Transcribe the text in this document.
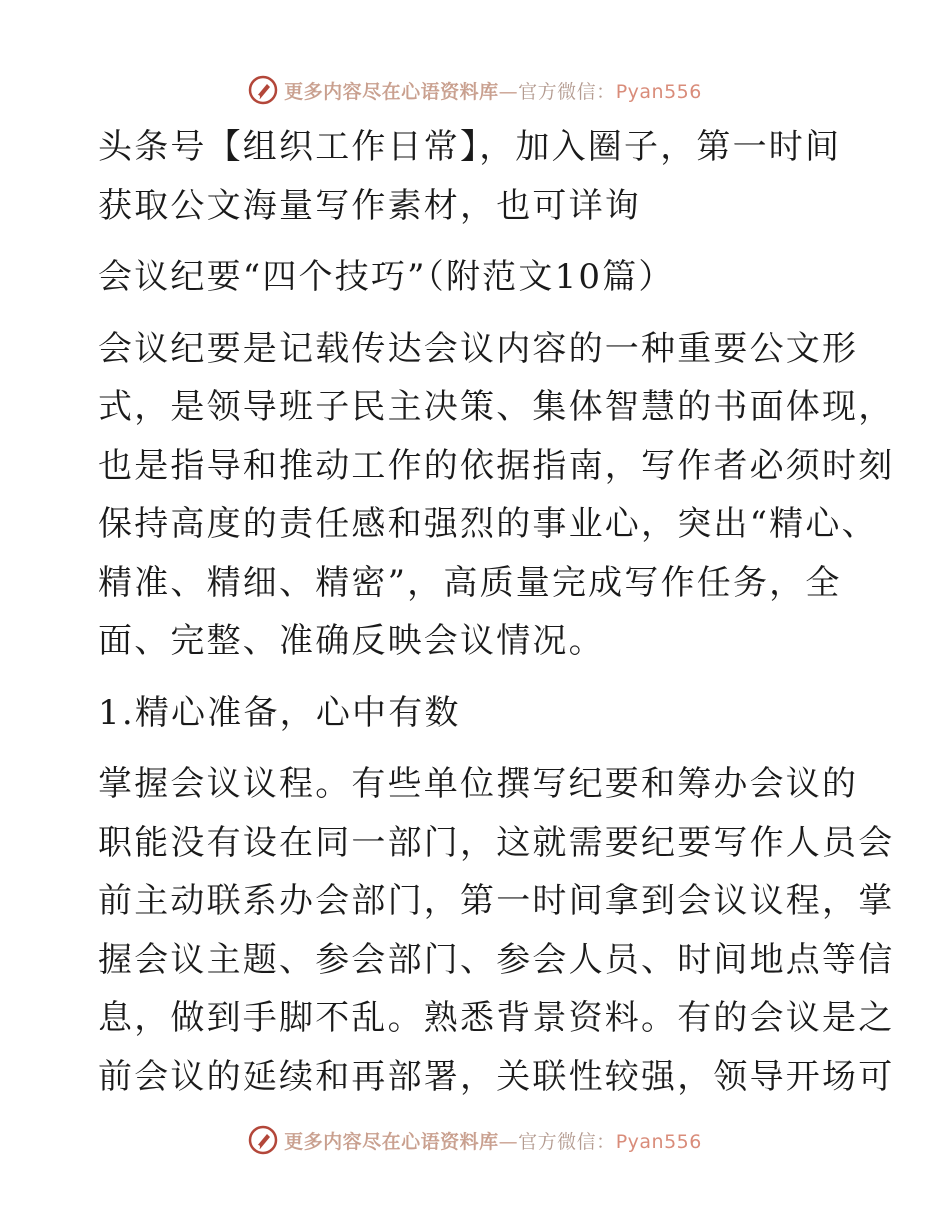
更多内容尽在心语资料库—官方微信：Pyan556
头条号【组织工作日常】，加入圈子，第一时间
获取公文海量写作素材，也可详询
会议纪要“四个技巧”（附范文10篇）
会议纪要是记载传达会议内容的一种重要公文形
式，是领导班子民主决策、集体智慧的书面体现，
也是指导和推动工作的依据指南，写作者必须时刻
保持高度的责任感和强烈的事业心，突出“精心、
精准、精细、精密”，高质量完成写作任务，全
面、完整、准确反映会议情况。
1.精心准备，心中有数
掌握会议议程。有些单位撰写纪要和筹办会议的
职能没有设在同一部门，这就需要纪要写作人员会
前主动联系办会部门，第一时间拿到会议议程，掌
握会议主题、参会部门、参会人员、时间地点等信
息，做到手脚不乱。熟悉背景资料。有的会议是之
前会议的延续和再部署，关联性较强，领导开场可
更多内容尽在心语资料库—官方微信：Pyan556
